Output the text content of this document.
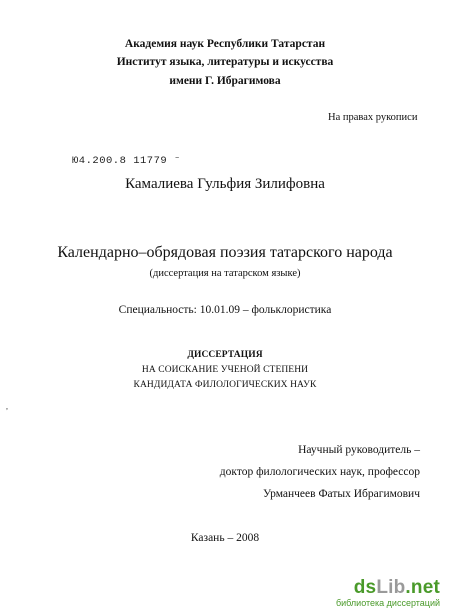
Академия наук Республики Татарстан
Институт языка, литературы и искусства
имени Г. Ибрагимова
На правах рукописи
Ю4.200.8 11779 ⁻
Камалиева Гульфия Зилифовна
Календарно–обрядовая поэзия татарского народа
(диссертация на татарском языке)
Специальность: 10.01.09 – фольклористика
ДИССЕРТАЦИЯ
НА СОИСКАНИЕ УЧЕНОЙ СТЕПЕНИ
КАНДИДАТА ФИЛОЛОГИЧЕСКИХ НАУК
,
Научный руководитель –
доктор филологических наук, профессор
Урманчеев Фатых Ибрагимович
Казань – 2008
dsLib.net
библиотека диссертаций
